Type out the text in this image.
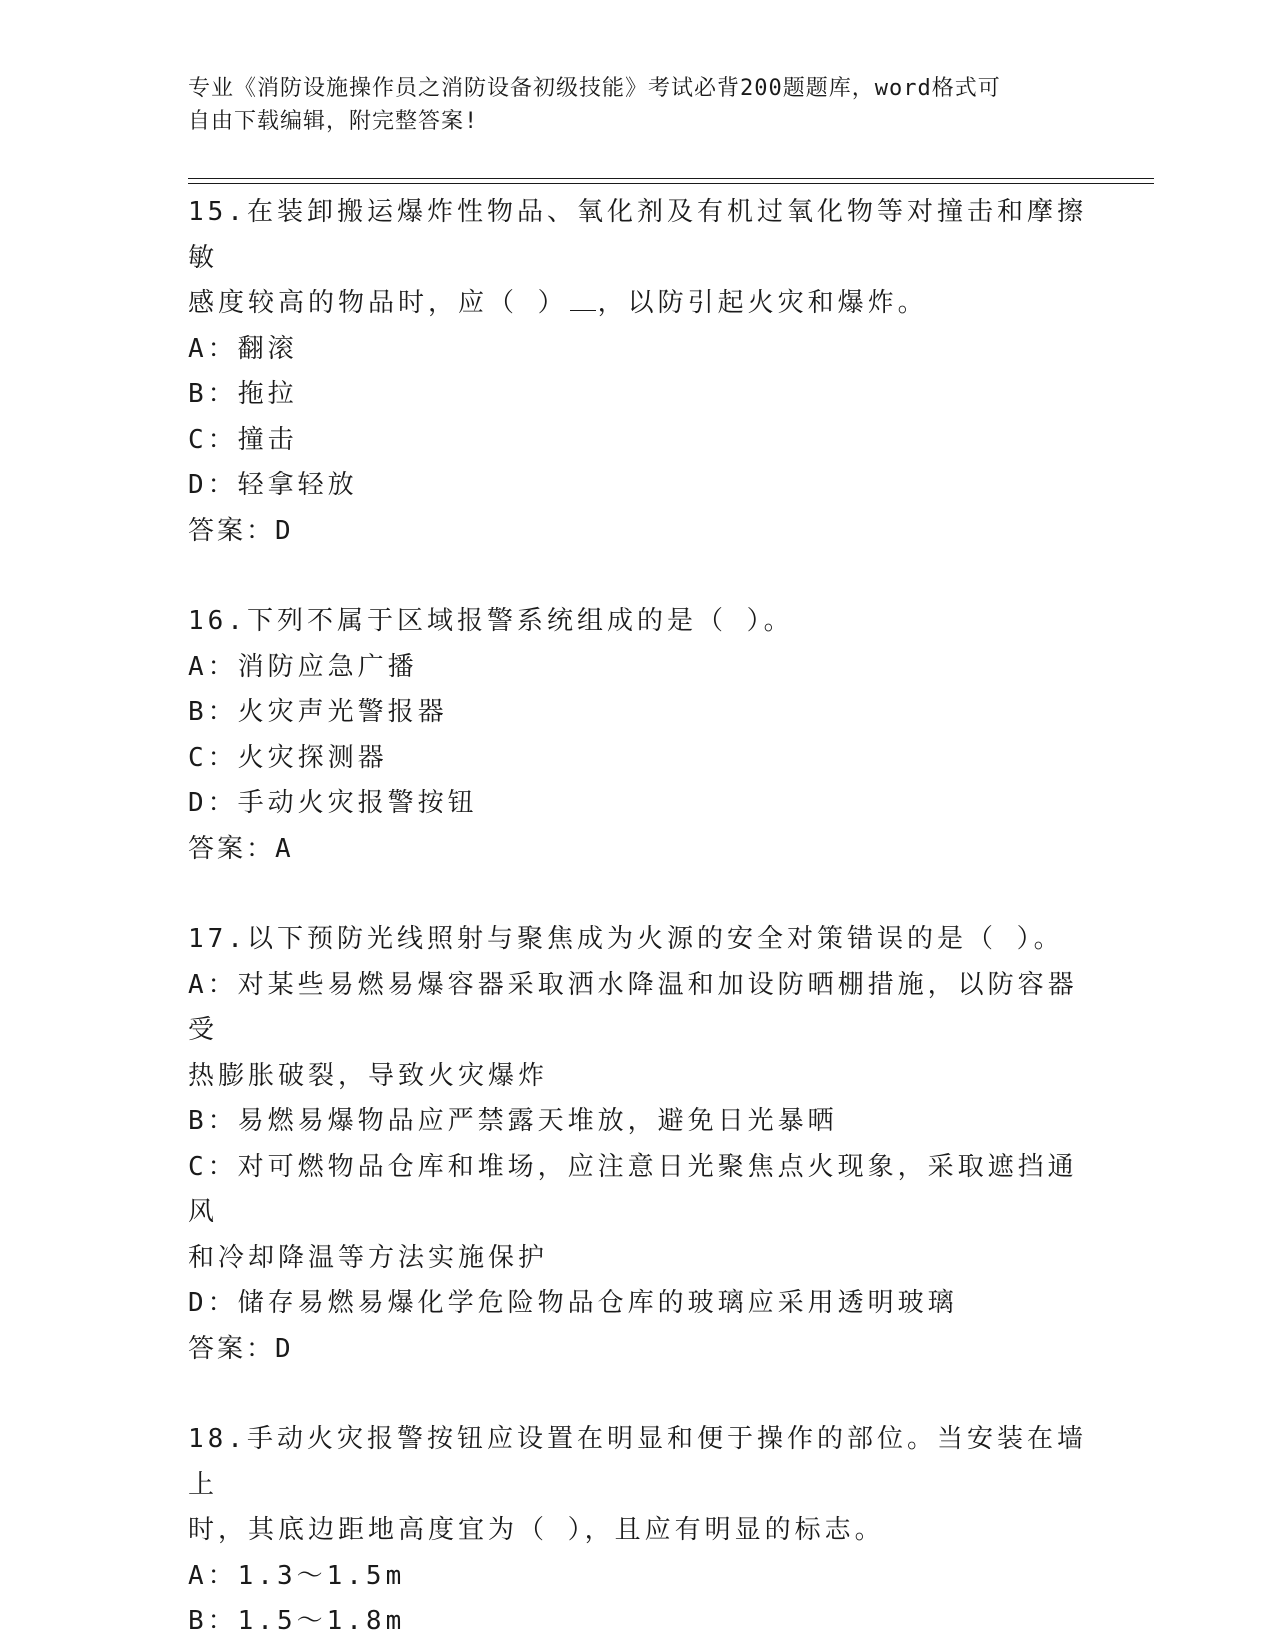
专业《消防设施操作员之消防设备初级技能》考试必背200题题库，word格式可
自由下载编辑，附完整答案!

15.在装卸搬运爆炸性物品、氧化剂及有机过氧化物等对撞击和摩擦敏

感度较高的物品时，应（ ） ，以防引起火灾和爆炸。

A：翻滚

B：拖拉

C：撞击

D：轻拿轻放

答案：D

16.下列不属于区域报警系统组成的是（ ）。

A：消防应急广播

B：火灾声光警报器

C：火灾探测器

D：手动火灾报警按钮

答案：A

17.以下预防光线照射与聚焦成为火源的安全对策错误的是（ ）。

A：对某些易燃易爆容器采取洒水降温和加设防晒棚措施，以防容器受

热膨胀破裂，导致火灾爆炸

B：易燃易爆物品应严禁露天堆放，避免日光暴晒

C：对可燃物品仓库和堆场，应注意日光聚焦点火现象，采取遮挡通风

和冷却降温等方法实施保护

D：储存易燃易爆化学危险物品仓库的玻璃应采用透明玻璃

答案：D

18.手动火灾报警按钮应设置在明显和便于操作的部位。当安装在墙上

时，其底边距地高度宜为（ ），且应有明显的标志。

A：1.3～1.5m

B：1.5～1.8m
